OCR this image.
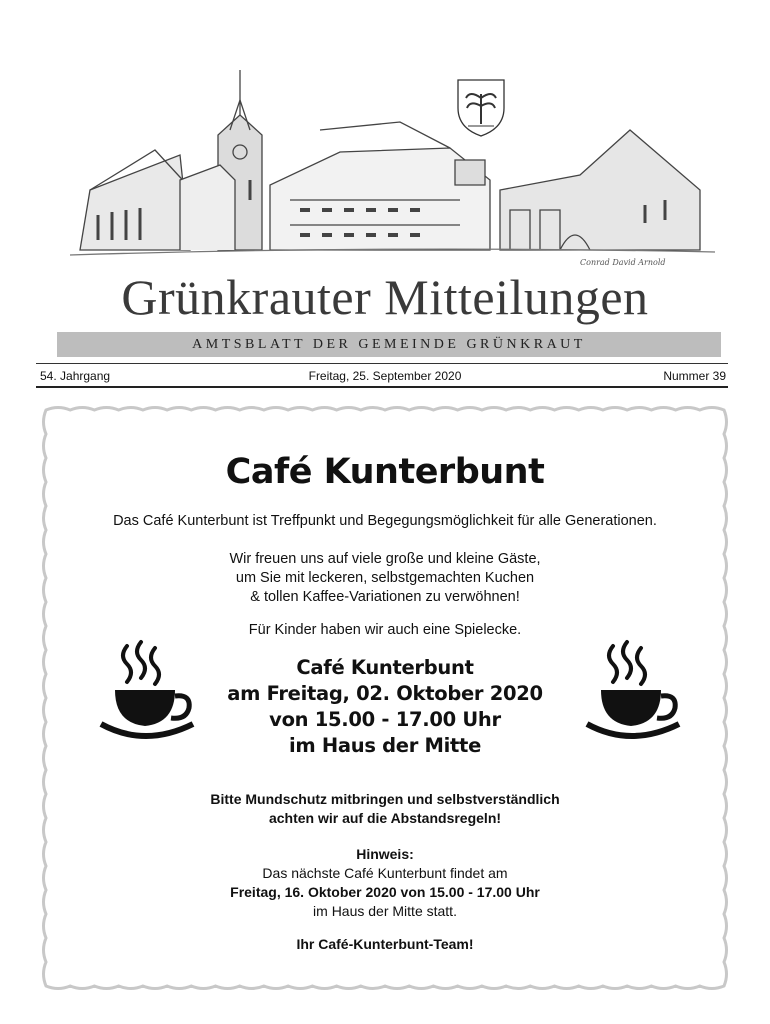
Conrad David Arnold
Grünkrauter Mitteilungen
AMTSBLATT DER GEMEINDE GRÜNKRAUT
54. Jahrgang	Freitag, 25. September 2020	Nummer 39
Café Kunterbunt
Das Café Kunterbunt ist Treffpunkt und Begegungsmöglichkeit für alle Generationen.
Wir freuen uns auf viele große und kleine Gäste,
um Sie mit leckeren, selbstgemachten Kuchen
& tollen Kaffee-Variationen zu verwöhnen!
Für Kinder haben wir auch eine Spielecke.
Café Kunterbunt
am Freitag, 02. Oktober 2020
von 15.00 - 17.00 Uhr
im Haus der Mitte
Bitte Mundschutz mitbringen und selbstverständlich
achten wir auf die Abstandsregeln!
Hinweis:
Das nächste Café Kunterbunt findet am
Freitag, 16. Oktober 2020 von 15.00 - 17.00 Uhr
im Haus der Mitte statt.
Ihr Café-Kunterbunt-Team!
